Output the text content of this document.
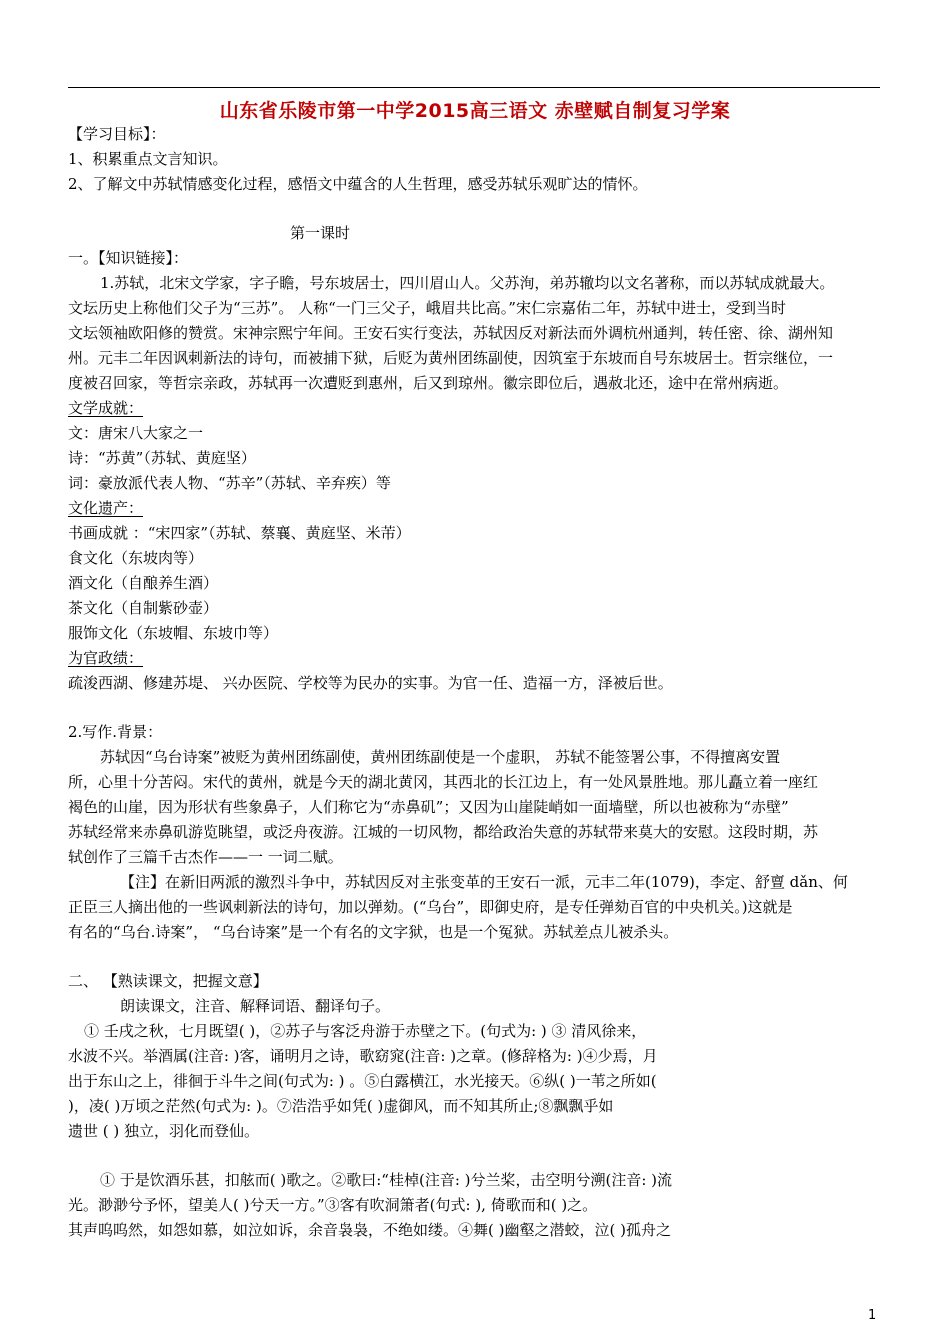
山东省乐陵市第一中学2015高三语文 赤壁赋自制复习学案
【学习目标】：
1、积累重点文言知识。
2、了解文中苏轼情感变化过程，感悟文中蕴含的人生哲理，感受苏轼乐观旷达的情怀。
第一课时
一。【知识链接】：
1.苏轼，北宋文学家，字子瞻，号东坡居士，四川眉山人。父苏洵，弟苏辙均以文名著称，而以苏轼成就最大。
文坛历史上称他们父子为“三苏”。 人称“一门三父子，峨眉共比高。”宋仁宗嘉佑二年，苏轼中进士，受到当时
文坛领袖欧阳修的赞赏。宋神宗熙宁年间。王安石实行变法，苏轼因反对新法而外调杭州通判，转任密、徐、湖州知
州。元丰二年因讽刺新法的诗句，而被捕下狱，后贬为黄州团练副使，因筑室于东坡而自号东坡居士。哲宗继位，一
度被召回家，等哲宗亲政，苏轼再一次遭贬到惠州，后又到琼州。徽宗即位后，遇赦北还，途中在常州病逝。
文学成就：
文：唐宋八大家之一
诗：“苏黄”（苏轼、黄庭坚）
词：豪放派代表人物、“苏辛”（苏轼、辛弃疾）等
文化遗产：
书画成就 ：“宋四家”（苏轼、蔡襄、黄庭坚、米芾）
食文化（东坡肉等）
酒文化（自酿养生酒）
茶文化（自制紫砂壶）
服饰文化（东坡帽、东坡巾等）
为官政绩：
疏浚西湖、修建苏堤、 兴办医院、学校等为民办的实事。为官一任、造福一方，泽被后世。
2.写作.背景：
苏轼因“乌台诗案”被贬为黄州团练副使，黄州团练副使是一个虚职， 苏轼不能签署公事，不得擅离安置
所，心里十分苦闷。宋代的黄州，就是今天的湖北黄冈，其西北的长江边上，有一处风景胜地。那儿矗立着一座红
褐色的山崖，因为形状有些象鼻子，人们称它为“赤鼻矶”；又因为山崖陡峭如一面墙壁，所以也被称为“赤壁”
苏轼经常来赤鼻矶游览眺望，或泛舟夜游。江城的一切风物，都给政治失意的苏轼带来莫大的安慰。这段时期，苏
轼创作了三篇千古杰作——一 一词二赋。
【注】在新旧两派的激烈斗争中，苏轼因反对主张变革的王安石一派，元丰二年(1079)，李定、舒亶 dǎn、何
正臣三人摘出他的一些讽刺新法的诗句，加以弹劾。(“乌台”，即御史府，是专任弹劾百官的中央机关。)这就是
有名的“乌台.诗案”， “乌台诗案”是一个有名的文字狱，也是一个冤狱。苏轼差点儿被杀头。
二、 【熟读课文，把握文意】
朗读课文，注音、解释词语、翻译句子。
① 壬戌之秋，七月既望( )，②苏子与客泛舟游于赤壁之下。(句式为: ) ③ 清风徐来，
水波不兴。举酒属(注音: )客，诵明月之诗，歌窈窕(注音: )之章。(修辞格为: )④少焉，月
出于东山之上，徘徊于斗牛之间(句式为: ) 。⑤白露横江，水光接天。⑥纵( )一苇之所如(
)，凌( )万顷之茫然(句式为: )。⑦浩浩乎如凭( )虚御风，而不知其所止;⑧飘飘乎如
遗世 ( ) 独立，羽化而登仙。
① 于是饮酒乐甚，扣舷而( )歌之。②歌曰:“桂棹(注音: )兮兰桨，击空明兮溯(注音: )流
光。渺渺兮予怀，望美人( )兮天一方。”③客有吹洞箫者(句式: ), 倚歌而和( )之。
其声呜呜然，如怨如慕，如泣如诉，余音袅袅，不绝如缕。④舞( )幽壑之潜蛟，泣( )孤舟之
1
